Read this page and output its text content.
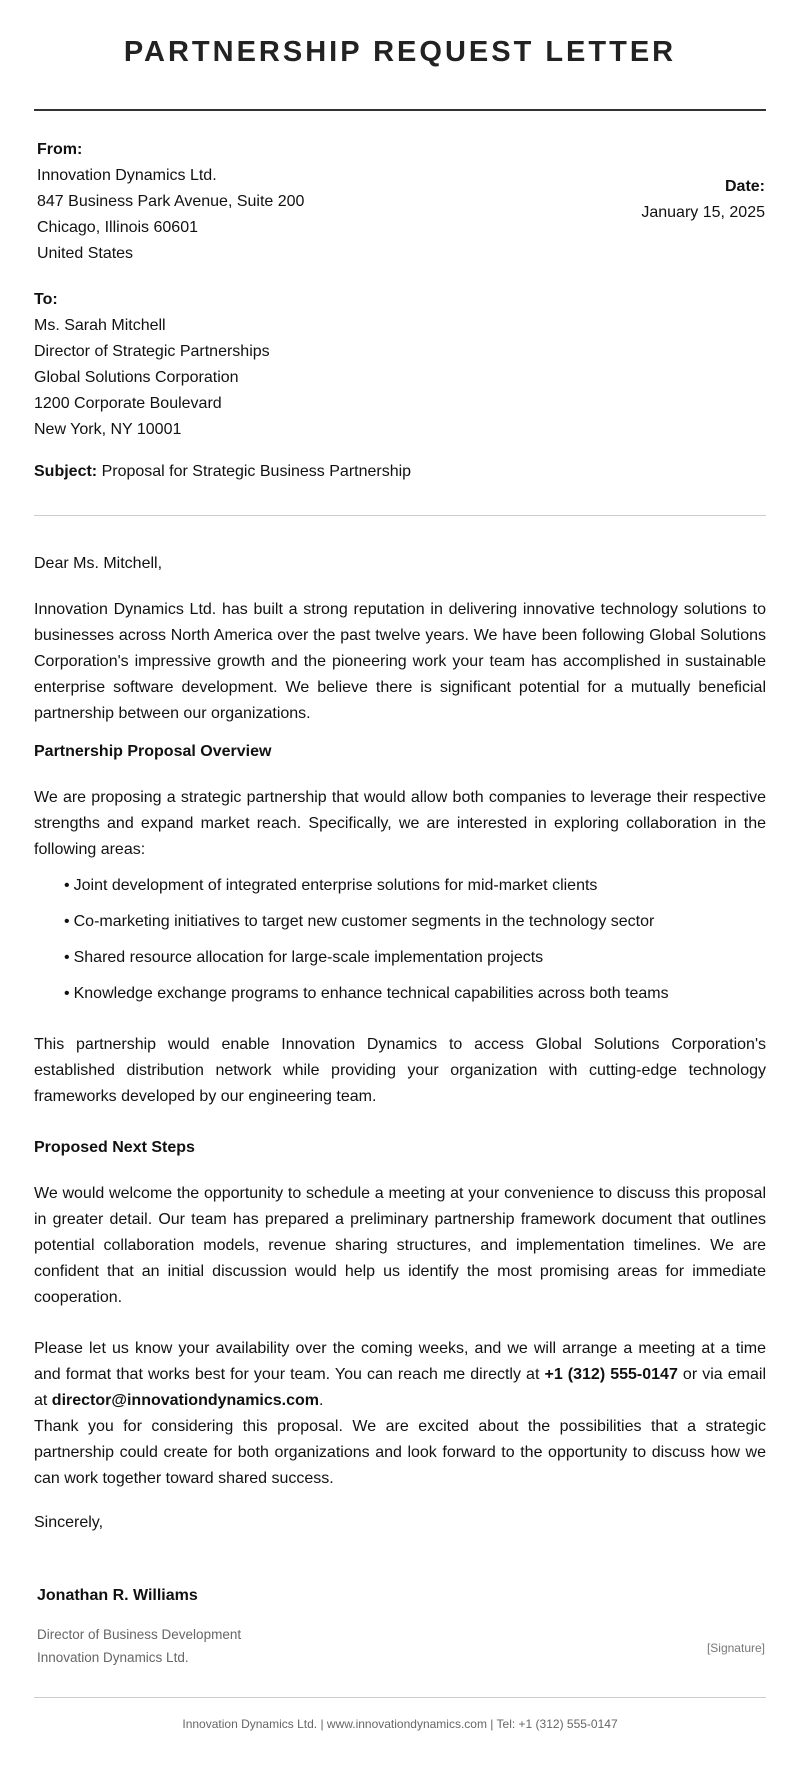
PARTNERSHIP REQUEST LETTER
From:
Innovation Dynamics Ltd.
847 Business Park Avenue, Suite 200
Chicago, Illinois 60601
United States
Date:
January 15, 2025
To:
Ms. Sarah Mitchell
Director of Strategic Partnerships
Global Solutions Corporation
1200 Corporate Boulevard
New York, NY 10001
Subject: Proposal for Strategic Business Partnership

Dear Ms. Mitchell,

Innovation Dynamics Ltd. has built a strong reputation in delivering innovative technology solutions to businesses across North America over the past twelve years. We have been following Global Solutions Corporation's impressive growth and the pioneering work your team has accomplished in sustainable enterprise software development. We believe there is significant potential for a mutually beneficial partnership between our organizations.

Partnership Proposal Overview

We are proposing a strategic partnership that would allow both companies to leverage their respective strengths and expand market reach. Specifically, we are interested in exploring collaboration in the following areas:

• Joint development of integrated enterprise solutions for mid-market clients
• Co-marketing initiatives to target new customer segments in the technology sector
• Shared resource allocation for large-scale implementation projects
• Knowledge exchange programs to enhance technical capabilities across both teams

This partnership would enable Innovation Dynamics to access Global Solutions Corporation's established distribution network while providing your organization with cutting-edge technology frameworks developed by our engineering team.

Proposed Next Steps

We would welcome the opportunity to schedule a meeting at your convenience to discuss this proposal in greater detail. Our team has prepared a preliminary partnership framework document that outlines potential collaboration models, revenue sharing structures, and implementation timelines. We are confident that an initial discussion would help us identify the most promising areas for immediate cooperation.

Please let us know your availability over the coming weeks, and we will arrange a meeting at a time and format that works best for your team. You can reach me directly at +1 (312) 555-0147 or via email at director@innovationdynamics.com.

Thank you for considering this proposal. We are excited about the possibilities that a strategic partnership could create for both organizations and look forward to the opportunity to discuss how we can work together toward shared success.

Sincerely,

Jonathan R. Williams
Director of Business Development
Innovation Dynamics Ltd.
[Signature]
Innovation Dynamics Ltd. | www.innovationdynamics.com | Tel: +1 (312) 555-0147
